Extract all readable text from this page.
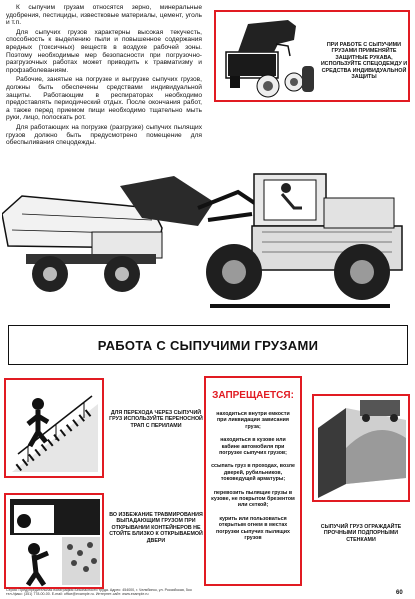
К сыпучим грузам относятся зерно, минеральные удобрения, пестициды, известковые материалы, цемент, уголь и т.п.

Для сыпучих грузов характерны высокая текучесть, способность к выделению пыли и повышенное содержания вредных (токсичных) веществ в воздухе рабочей зоны. Поэтому необходимые мер безопасности при погрузочно-разгрузочных работах может приводить к травматизму и профзаболеваниям.

Рабочие, занятые на погрузке и выгрузке сыпучих грузов, должны быть обеспечены средствами индивидуальной защиты. Работающим в респираторах необходимо предоставлять периодический отдых. После окончания работ, а также перед приемом пищи необходимо тщательно мыть руки, лицо, полоскать рот.

Для работающих на погрузке (разгрузке) сыпучих пылящих грузов должно быть предусмотрено помещение для обеспыливания спецодежды.

ПРИ РАБОТЕ С СЫПУЧИМИ ГРУЗАМИ ПРИМЕНЯЙТЕ ЗАЩИТНЫЕ РУКАВА, ИСПОЛЬЗУЙТЕ СПЕЦОДЕЖДУ И СРЕДСТВА ИНДИВИДУАЛЬНОЙ ЗАЩИТЫ
РАБОТА С СЫПУЧИМИ ГРУЗАМИ
ДЛЯ ПЕРЕХОДА ЧЕРЕЗ СЫПУЧИЙ ГРУЗ ИСПОЛЬЗУЙТЕ ПЕРЕНОСНОЙ ТРАП С ПЕРИЛАМИ
ВО ИЗБЕЖАНИЕ ТРАВМИРОВАНИЯ ВЫПАДАЮЩИМ ГРУЗОМ ПРИ ОТКРЫВАНИИ КОНТЕЙНЕРОВ НЕ СТОЙТЕ БЛИЗКО К ОТКРЫВАЕМОЙ ДВЕРИ
ЗАПРЕЩАЕТСЯ:
находиться внутри емкости при ликвидации зависания груза;
находиться в кузове или кабине автомобиля при погрузке сыпучих грузов;
ссыпать груз в проходах, возле дверей, рубильников, токоведущей арматуры;
перевозить пылящие грузы в кузове, не покрытом брезентом или сеткой;
курить или пользоваться открытым огнем в местах погрузки сыпучих пылящих грузов
СЫПУЧИЙ ГРУЗ ОГРАЖДАЙТЕ ПРОЧНЫМИ ПОДПОРНЫМИ СТЕНКАМИ
Серия: Предупредительная полиграфия Безопасности труда. Адрес: 454000, г. Челябинск, ул. Российская, 5оо
тел./факс: (351) 778-00-00. E-mail: office@example.ru. Интернет-сайт: www.example.ru	60
